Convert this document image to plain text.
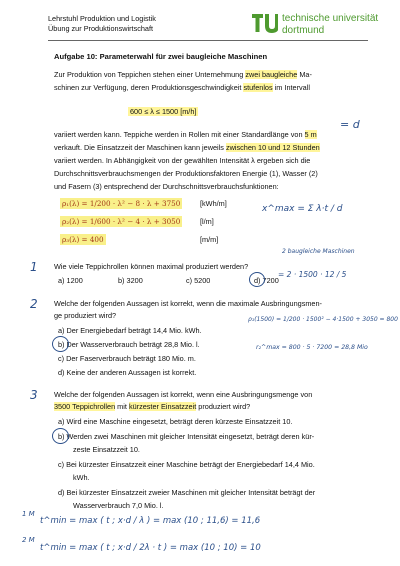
Lehrstuhl Produktion und Logistik
Übung zur Produktionswirtschaft
technische universität
dortmund
Aufgabe 10: Parameterwahl für zwei baugleiche Maschinen
Zur Produktion von Teppichen stehen einer Unternehmung zwei baugleiche Ma-
schinen zur Verfügung, deren Produktionsgeschwindigkeit stufenlos im Intervall
600 ≤ λ ≤ 1500 [m/h]
variiert werden kann. Teppiche werden in Rollen mit einer Standardlänge von 5 m
verkauft. Die Einsatzzeit der Maschinen kann jeweils zwischen 10 und 12 Stunden
variiert werden. In Abhängigkeit von der gewählten Intensität λ ergeben sich die
Durchschnittsverbrauchsmengen der Produktionsfaktoren Energie (1), Wasser (2)
und Fasern (3) entsprechend der Durchschnittsverbrauchsfunktionen:
ρ₁(λ) = 1/200 · λ² − 8 · λ + 3750	[kWh/m]
ρ₂(λ) = 1/600 · λ² − 4 · λ + 3050	[l/m]
ρ₃(λ) = 400	[m/m]
= d
x^max = Σ λ·t / d
2 baugleiche Maschinen
= 2 · 1500 · 12 / 5
1 Wie viele Teppichrollen können maximal produziert werden?
a) 1200	b) 3200	c) 5200	d) 7200
2 Welche der folgenden Aussagen ist korrekt, wenn die maximale Ausbringungsmen-
ge produziert wird?
a) Der Energiebedarf beträgt 14,4 Mio. kWh.
b) Der Wasserverbrauch beträgt 28,8 Mio. l.
c) Der Faserverbrauch beträgt 180 Mio. m.
d) Keine der anderen Aussagen ist korrekt.
ρ₁(1500) = 1/200 · 1500² − 4·1500 + 3050 = 800
r₂^max = 800 · 5 · 7200 = 28,8 Mio
3 Welche der folgenden Aussagen ist korrekt, wenn eine Ausbringungsmenge von
3500 Teppichrollen mit kürzester Einsatzzeit produziert wird?
a) Wird eine Maschine eingesetzt, beträgt deren kürzeste Einsatzzeit 10.
b) Werden zwei Maschinen mit gleicher Intensität eingesetzt, beträgt deren kür-
zeste Einsatzzeit 10.
c) Bei kürzester Einsatzzeit einer Maschine beträgt der Energiebedarf 14,4 Mio.
kWh.
d) Bei kürzester Einsatzzeit zweier Maschinen mit gleicher Intensität beträgt der
Wasserverbrauch 7,0 Mio. l.
1 M
t^min = max ( t ; x·d / λ ) = max (10 ; 11,6) = 11,6
2 M
t^min = max ( t ; x·d / 2λ · t ) = max (10 ; 10) = 10
